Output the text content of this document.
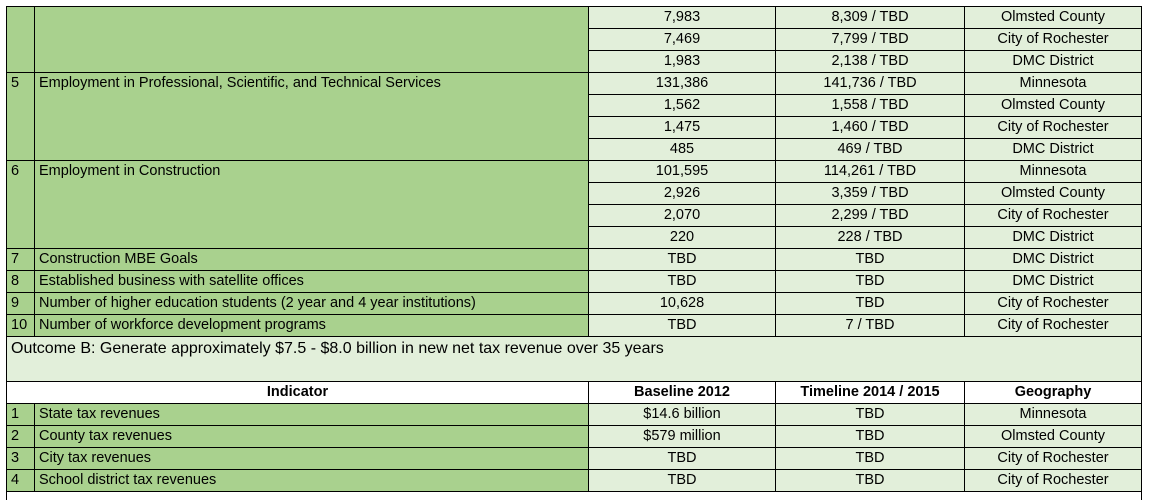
		7,983	8,309 / TBD	Olmsted County
		7,469	7,799 / TBD	City of Rochester
		1,983	2,138 / TBD	DMC District
5	Employment in Professional, Scientific, and Technical Services	131,386	141,736 / TBD	Minnesota
		1,562	1,558 / TBD	Olmsted County
		1,475	1,460 / TBD	City of Rochester
		485	469 / TBD	DMC District
6	Employment in Construction	101,595	114,261 / TBD	Minnesota
		2,926	3,359 / TBD	Olmsted County
		2,070	2,299 / TBD	City of Rochester
		220	228 / TBD	DMC District
7	Construction MBE Goals	TBD	TBD	DMC District
8	Established business with satellite offices	TBD	TBD	DMC District
9	Number of higher education students (2 year and 4 year institutions)	10,628	TBD	City of Rochester
10	Number of workforce development programs	TBD	7 / TBD	City of Rochester
Outcome B: Generate approximately $7.5 - $8.0 billion in new net tax revenue over 35 years				
Indicator		Baseline 2012	Timeline 2014 / 2015	Geography
1	State tax revenues	$14.6 billion	TBD	Minnesota
2	County tax revenues	$579 million	TBD	Olmsted County
3	City tax revenues	TBD	TBD	City of Rochester
4	School district tax revenues	TBD	TBD	City of Rochester
